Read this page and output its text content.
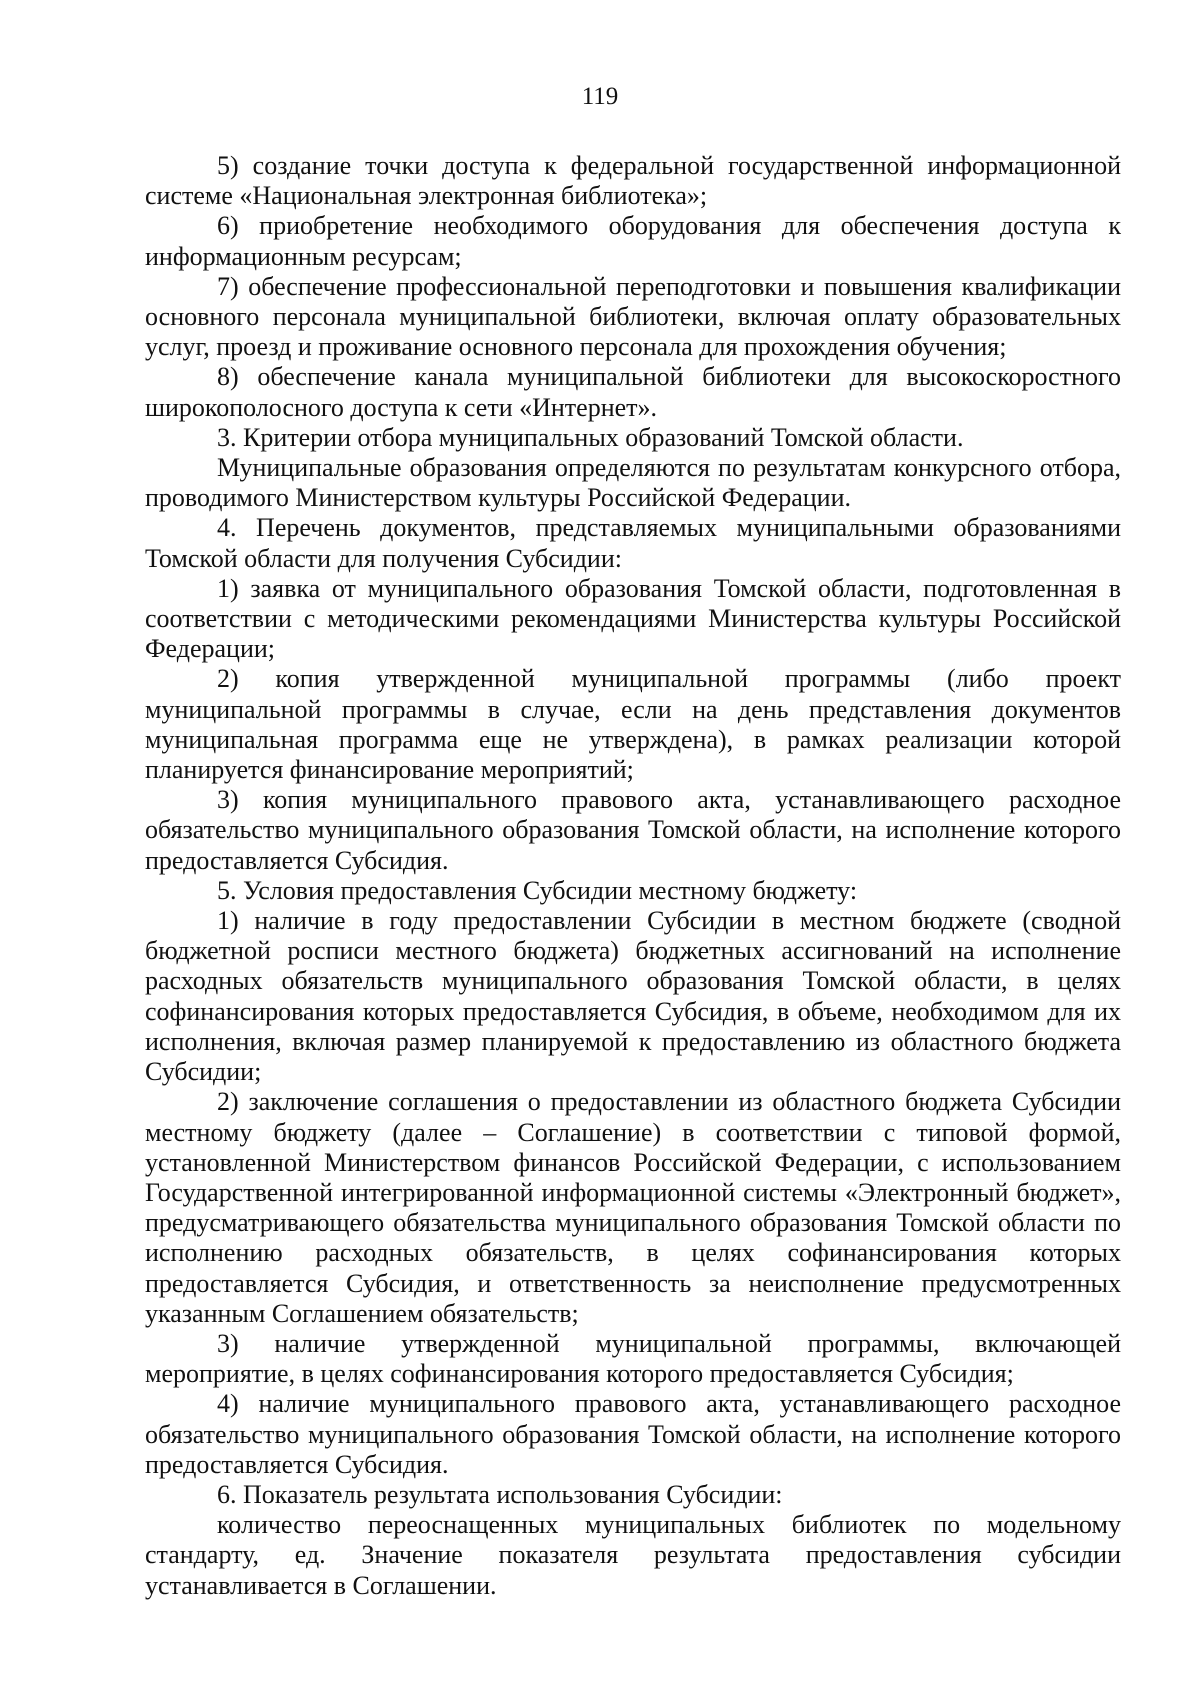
119

5) создание точки доступа к федеральной государственной информационной системе «Национальная электронная библиотека»;

6) приобретение необходимого оборудования для обеспечения доступа к информационным ресурсам;

7) обеспечение профессиональной переподготовки и повышения квалификации основного персонала муниципальной библиотеки, включая оплату образовательных услуг, проезд и проживание основного персонала для прохождения обучения;

8) обеспечение канала муниципальной библиотеки для высокоскоростного широкополосного доступа к сети «Интернет».

3. Критерии отбора муниципальных образований Томской области.

Муниципальные образования определяются по результатам конкурсного отбора, проводимого Министерством культуры Российской Федерации.

4. Перечень документов, представляемых муниципальными образованиями Томской области для получения Субсидии:

1) заявка от муниципального образования Томской области, подготовленная в соответствии с методическими рекомендациями Министерства культуры Российской Федерации;

2) копия утвержденной муниципальной программы (либо проект муниципальной программы в случае, если на день представления документов муниципальная программа еще не утверждена), в рамках реализации которой планируется финансирование мероприятий;

3) копия муниципального правового акта, устанавливающего расходное обязательство муниципального образования Томской области, на исполнение которого предоставляется Субсидия.

5. Условия предоставления Субсидии местному бюджету:

1) наличие в году предоставлении Субсидии в местном бюджете (сводной бюджетной росписи местного бюджета) бюджетных ассигнований на исполнение расходных обязательств муниципального образования Томской области, в целях софинансирования которых предоставляется Субсидия, в объеме, необходимом для их исполнения, включая размер планируемой к предоставлению из областного бюджета Субсидии;

2) заключение соглашения о предоставлении из областного бюджета Субсидии местному бюджету (далее – Соглашение) в соответствии с типовой формой, установленной Министерством финансов Российской Федерации, с использованием Государственной интегрированной информационной системы «Электронный бюджет», предусматривающего обязательства муниципального образования Томской области по исполнению расходных обязательств, в целях софинансирования которых предоставляется Субсидия, и ответственность за неисполнение предусмотренных указанным Соглашением обязательств;

3) наличие утвержденной муниципальной программы, включающей мероприятие, в целях софинансирования которого предоставляется Субсидия;

4) наличие муниципального правового акта, устанавливающего расходное обязательство муниципального образования Томской области, на исполнение которого предоставляется Субсидия.

6. Показатель результата использования Субсидии:

количество переоснащенных муниципальных библиотек по модельному стандарту, ед. Значение показателя результата предоставления субсидии устанавливается в Соглашении.
